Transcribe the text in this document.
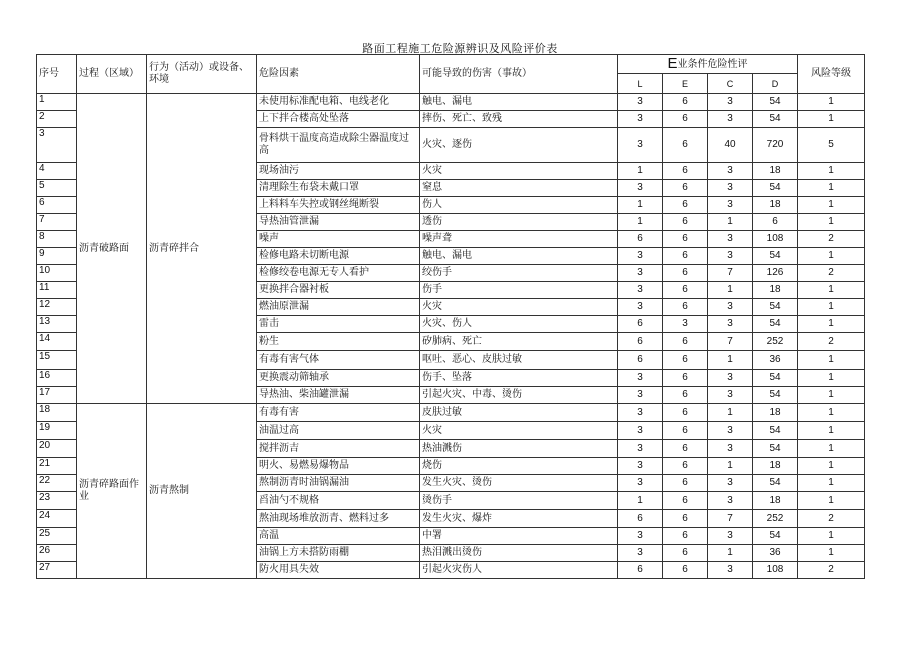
路面工程施工危险源辨识及风险评价表
序号	过程（区域）	行为（活动）或设备、环境	危险因素	可能导致的伤害（事故）	E业条件危险性评				风险等级
					L	E	C	D	
1	沥青破路面	沥青碎拌合	未使用标准配电箱、电线老化	触电、漏电	3	6	3	54	1
2			上下拌合楼高处坠落	摔伤、死亡、致残	3	6	3	54	1
3			骨料烘干温度高造成除尘器温度过高	火灾、逐伤	3	6	40	720	5
4			现场油污	火灾	1	6	3	18	1
5			清理除生布袋未戴口罩	窒息	3	6	3	54	1
6			上料料车失控或钢丝绳断裂	伤人	1	6	3	18	1
7			导热油管泄漏	透伤	1	6	1	6	1
8			噪声	噪声聋	6	6	3	108	2
9			检修电路未切断电源	触电、漏电	3	6	3	54	1
10			检修绞卷电源无专人看护	绞伤手	3	6	7	126	2
11			更换拌合器衬板	伤手	3	6	1	18	1
12			燃油原泄漏	火灾	3	6	3	54	1
13			雷击	火灾、伤人	6	3	3	54	1
14			粉生	矽肺病、死亡	6	6	7	252	2
15			有毒有害气体	呕吐、恶心、皮肤过敏	6	6	1	36	1
16			更换震动筛轴承	伤手、坠落	3	6	3	54	1
17			导热油、柴油罐泄漏	引起火灾、中毒、烫伤	3	6	3	54	1
18	沥青碎路面作业	沥青熬制	有毒有害	皮肤过敏	3	6	1	18	1
19			油温过高	火灾	3	6	3	54	1
20			搅拌沥吉	热油溅伤	3	6	3	54	1
21			明火、易燃易爆物品	烧伤	3	6	1	18	1
22			熬制沥青时油锅漏油	发生火灾、烫伤	3	6	3	54	1
23			舀油勺不规格	烫伤手	1	6	3	18	1
24			熬油现场堆放沥青、燃料过多	发生火灾、爆炸	6	6	7	252	2
25			高温	中署	3	6	3	54	1
26			油锅上方未搭防雨棚	热泪溅出烫伤	3	6	1	36	1
27			防火用具失效	引起火灾伤人	6	6	3	108	2
